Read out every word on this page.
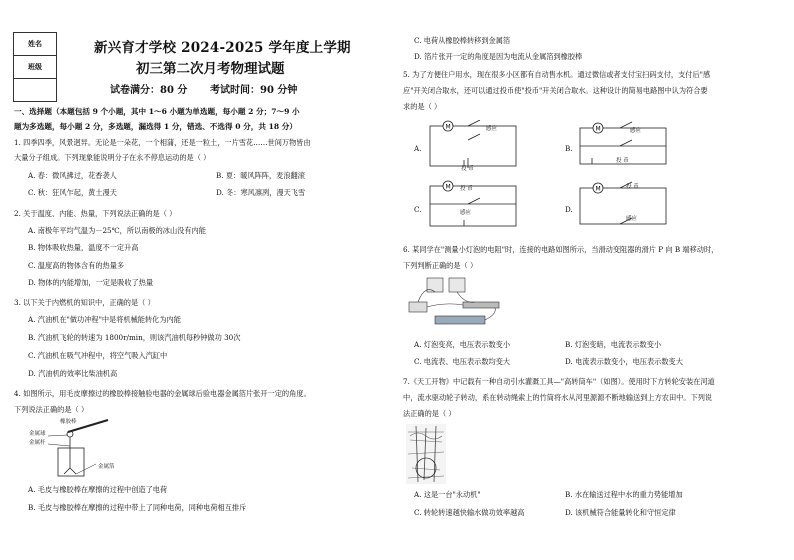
姓名
班级
新兴育才学校 2024-2025 学年度上学期
初三第二次月考物理试题
试卷满分：80 分 考试时间：90 分钟
一、选择题（本题包括 9 个小题，其中 1～6 小题为单选题，每小题 2 分；7～9 小
题为多选题，每小题 2 分，多选题，漏选得 1 分，错选、不选得 0 分，共 18 分）
1. 四季四季，风景迥异。无论是一朵花，一个相蒲，还是一粒土，一片雪花……世间万物皆由
大量分子组成。下列现象能说明分子在永不停息运动的是（ ）
A. 春：微风拂过，花香袭人	B. 夏：暖风阵阵，麦浪翻滚
C. 秋：狂风乍起，黄土漫天	D. 冬：寒风凛冽，漫天飞雪
2. 关于温度、内能、热量，下列说法正确的是（ ）
A. 南极年平均气温为－25℃，所以南极的冰山没有内能
B. 物体吸收热量，温度不一定升高
C. 温度高的物体含有的热量多
D. 物体的内能增加，一定是吸收了热量
3. 以下关于内燃机的知识中，正确的是（ ）
A. 汽油机在"做功冲程"中是将机械能转化为内能
B. 汽油机飞轮的转速为 1800r/min，则该汽油机每秒钟做功 30次
C. 汽油机在吸气冲程中，将空气吸入汽缸中
D. 汽油机的效率比柴油机高
4. 如图所示，用毛皮摩擦过的橡胶棒接触验电器的金属球后验电器金属箔片张开一定的角度。
下列说法正确的是（ ）
橡胶棒
金属球
金属杆
金属箔
A. 毛皮与橡胶棒在摩擦的过程中创造了电荷
B. 毛皮与橡胶棒在摩擦的过程中带上了同种电荷，同种电荷相互排斥
C. 电荷从橡胶棒转移到金属箔
D. 箔片张开一定的角度是因为电流从金属箔到橡胶棒
5. 为了方便住户用水，现在很多小区都有自动售水机。通过微信或者支付宝扫码支付，支付后"感
应"开关闭合取水，还可以通过投币使"投币"开关闭合取水。这种设计的简易电路图中认为符合要
求的是（ ）
A.
M	感应
投 币
B.
M	感应
投 币
C.
M
感应
投 币
D.
M	投 币
感应
6. 某同学在"测量小灯泡的电阻"时，连接的电路如图所示，当滑动变阻器的滑片 P 向 B 端移动时，
下列判断正确的是（ ）
A. 灯泡变亮，电压表示数变小	B. 灯泡变暗，电流表示数变小
C. 电流表、电压表示数均变大	D. 电流表示数变小，电压表示数变大
7.《天工开物》中记载有一种自动引水灌溉工具—"高转筒车"（如图）。使用时下方转轮安装在河道
中，流水驱动轮子转动，系在转动绳索上的竹筒将水从河里源源不断地输送到上方农田中。下列说
法正确的是（ ）
A. 这是一台"永动机"	B. 水在输送过程中水的重力势能增加
C. 转轮转速越快输水做功效率越高	D. 该机械符合能量转化和守恒定律
